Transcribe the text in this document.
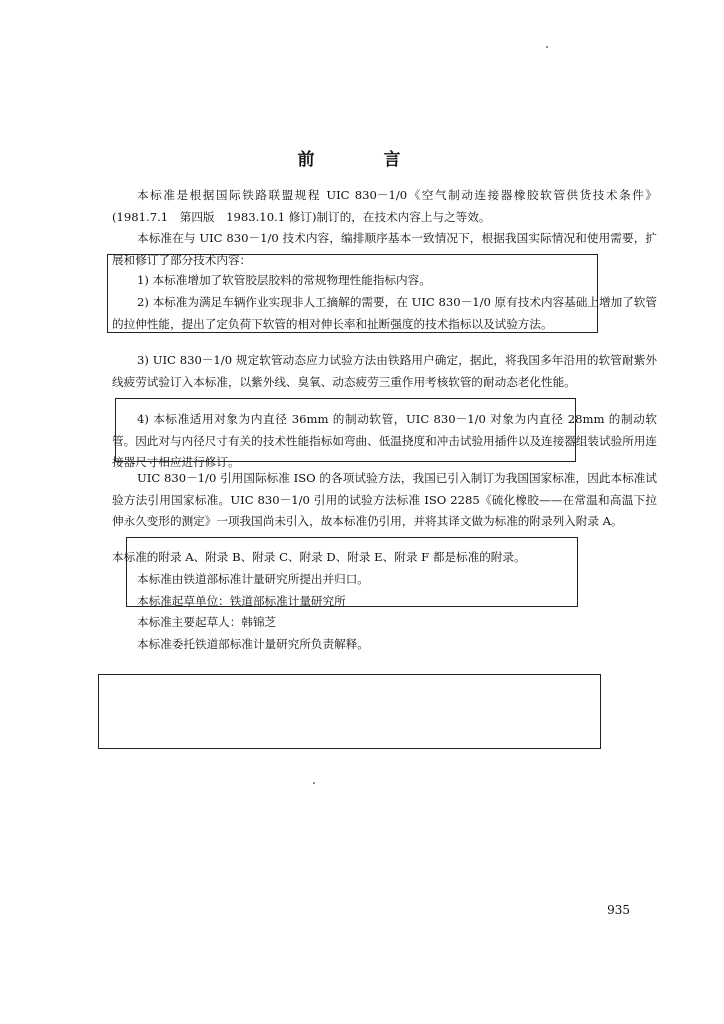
前　言

本标准是根据国际铁路联盟规程 UIC 830－1/0《空气制动连接器橡胶软管供货技术条件》(1981.7.1　第四版　1983.10.1 修订)制订的，在技术内容上与之等效。

本标准在与 UIC 830－1/0 技术内容，编排顺序基本一致情况下，根据我国实际情况和使用需要，扩展和修订了部分技术内容：

1) 本标准增加了软管胶层胶料的常规物理性能指标内容。

2) 本标准为满足车辆作业实现非人工摘解的需要，在 UIC 830－1/0 原有技术内容基础上增加了软管的拉伸性能，提出了定负荷下软管的相对伸长率和扯断强度的技术指标以及试验方法。

3) UIC 830－1/0 规定软管动态应力试验方法由铁路用户确定，据此，将我国多年沿用的软管耐紫外线疲劳试验订入本标准，以紫外线、臭氧、动态疲劳三重作用考核软管的耐动态老化性能。

4) 本标准适用对象为内直径 36mm 的制动软管，UIC 830－1/0 对象为内直径 28mm 的制动软管。因此对与内径尺寸有关的技术性能指标如弯曲、低温挠度和冲击试验用插件以及连接器组装试验所用连接器尺寸相应进行修订。

UIC 830－1/0 引用国际标准 ISO 的各项试验方法，我国已引入制订为我国国家标准，因此本标准试验方法引用国家标准。UIC 830－1/0 引用的试验方法标准 ISO 2285《硫化橡胶——在常温和高温下拉伸永久变形的测定》一项我国尚未引入，故本标准仍引用，并将其译文做为标准的附录列入附录 A。

本标准的附录 A、附录 B、附录 C、附录 D、附录 E、附录 F 都是标准的附录。

本标准由铁道部标准计量研究所提出并归口。

本标准起草单位：铁道部标准计量研究所

本标准主要起草人：韩锦芝

本标准委托铁道部标准计量研究所负责解释。

935
